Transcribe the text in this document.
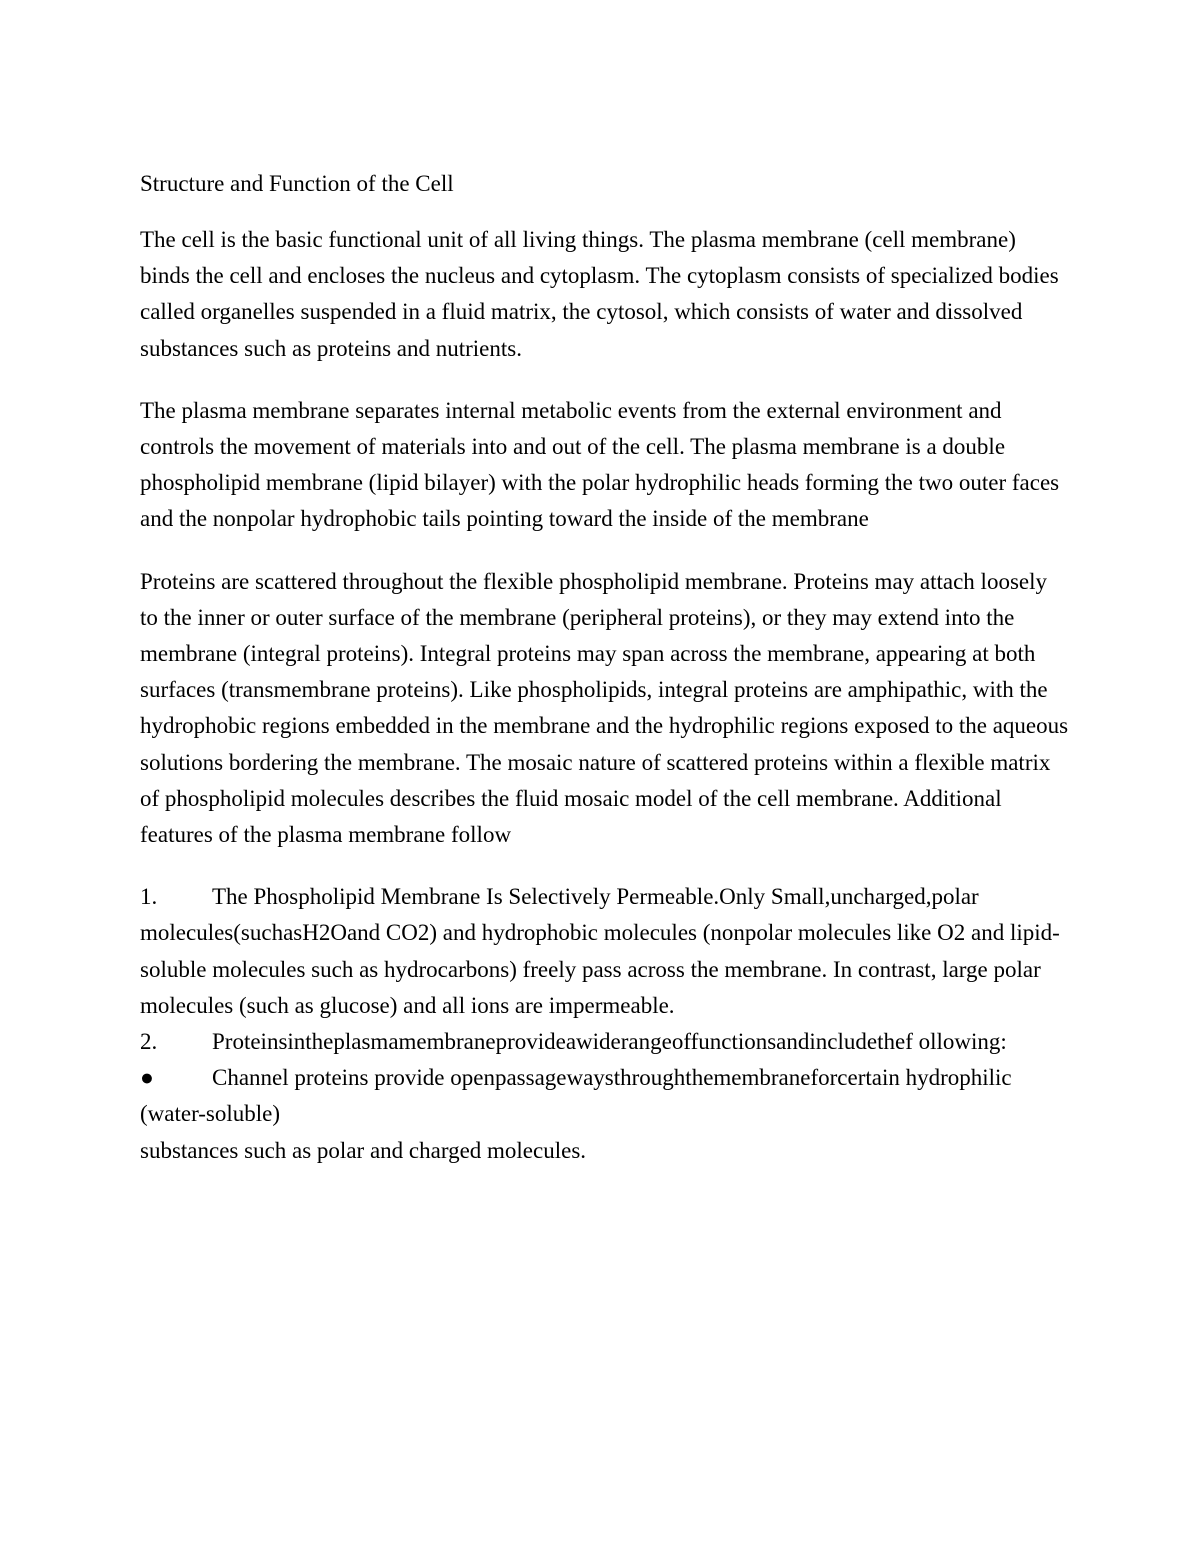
Structure and Function of the Cell

The cell is the basic functional unit of all living things. The plasma membrane (cell membrane) binds the cell and encloses the nucleus and cytoplasm. The cytoplasm consists of specialized bodies called organelles suspended in a fluid matrix, the cytosol, which consists of water and dissolved substances such as proteins and nutrients.

The plasma membrane separates internal metabolic events from the external environment and controls the movement of materials into and out of the cell. The plasma membrane is a double phospholipid membrane (lipid bilayer) with the polar hydrophilic heads forming the two outer faces and the nonpolar hydrophobic tails pointing toward the inside of the membrane

Proteins are scattered throughout the flexible phospholipid membrane. Proteins may attach loosely to the inner or outer surface of the membrane (peripheral proteins), or they may extend into the membrane (integral proteins). Integral proteins may span across the membrane, appearing at both surfaces (transmembrane proteins). Like phospholipids, integral proteins are amphipathic, with the hydrophobic regions embedded in the membrane and the hydrophilic regions exposed to the aqueous solutions bordering the membrane. The mosaic nature of scattered proteins within a flexible matrix of phospholipid molecules describes the fluid mosaic model of the cell membrane. Additional features of the plasma membrane follow

1. The Phospholipid Membrane Is Selectively Permeable.Only Small,uncharged,polar molecules(suchasH2Oand CO2) and hydrophobic molecules (nonpolar molecules like O2 and lipid-soluble molecules such as hydrocarbons) freely pass across the membrane. In contrast, large polar molecules (such as glucose) and all ions are impermeable.

2. Proteinsintheplasmamembraneprovideawiderangeoffunctionsandincludethef ollowing:

●	Channel proteins provide openpassagewaysthroughthemembraneforcertain hydrophilic (water-soluble)

substances such as polar and charged molecules.
